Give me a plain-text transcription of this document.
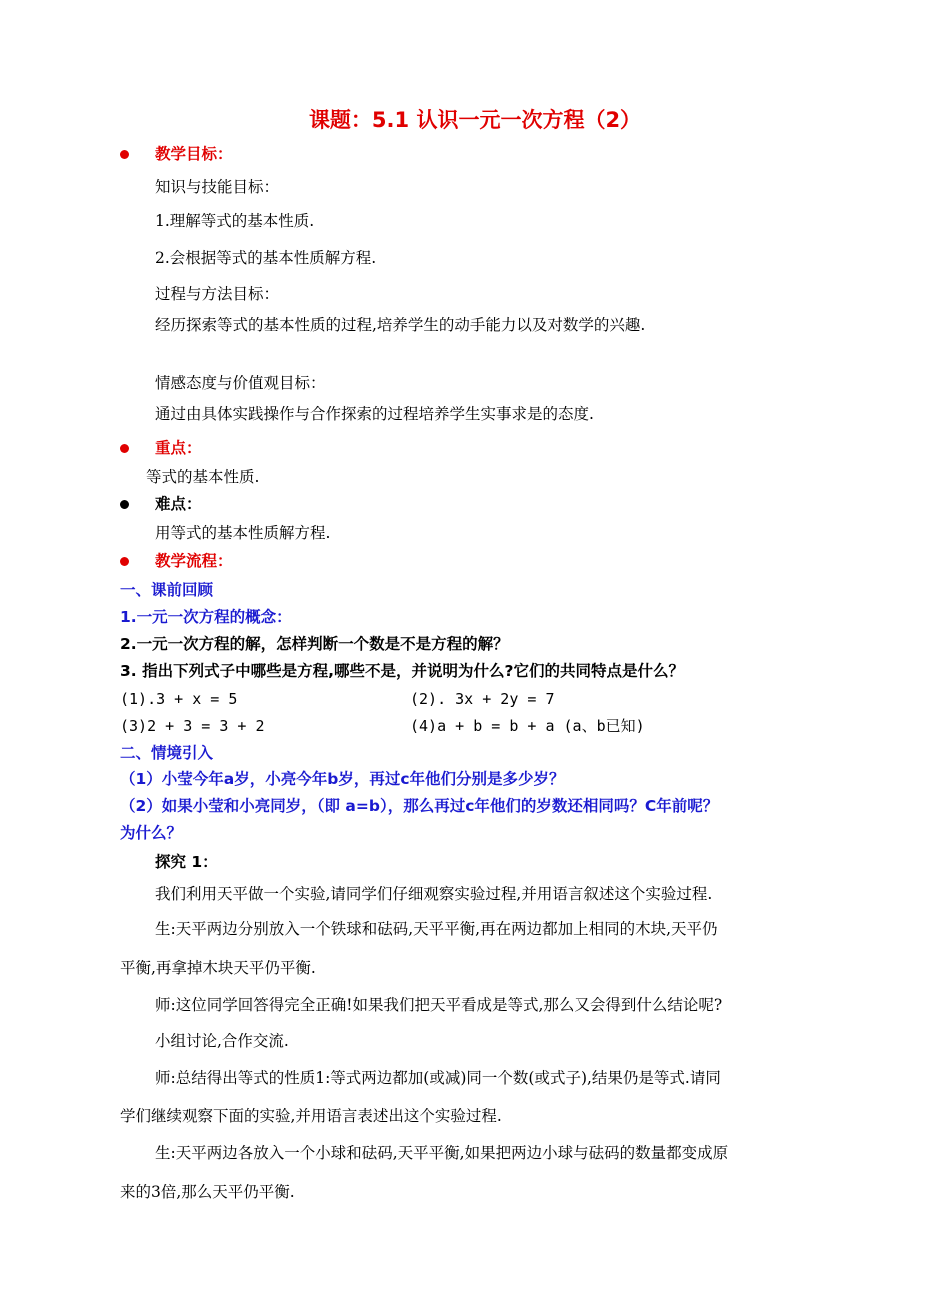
课题：5.1 认识一元一次方程（2）
教学目标：
知识与技能目标：
1.理解等式的基本性质.
2.会根据等式的基本性质解方程.
过程与方法目标：
经历探索等式的基本性质的过程,培养学生的动手能力以及对数学的兴趣.
情感态度与价值观目标：
通过由具体实践操作与合作探索的过程培养学生实事求是的态度.
重点：
等式的基本性质.
难点：
用等式的基本性质解方程.
教学流程：
一、课前回顾
1.一元一次方程的概念：
2.一元一次方程的解，怎样判断一个数是不是方程的解？
3. 指出下列式子中哪些是方程,哪些不是，并说明为什么?它们的共同特点是什么？
(1).3 + x = 5	(2). 3x + 2y = 7
(3)2 + 3 = 3 + 2	(4)a + b = b + a (a、b已知)
二、情境引入
（1）小莹今年a岁，小亮今年b岁，再过c年他们分别是多少岁？
（2）如果小莹和小亮同岁，（即 a=b），那么再过c年他们的岁数还相同吗？C年前呢？
为什么？
探究 1：
我们利用天平做一个实验,请同学们仔细观察实验过程,并用语言叙述这个实验过程.
生:天平两边分别放入一个铁球和砝码,天平平衡,再在两边都加上相同的木块,天平仍
平衡,再拿掉木块天平仍平衡.
师:这位同学回答得完全正确!如果我们把天平看成是等式,那么又会得到什么结论呢?
小组讨论,合作交流.
师:总结得出等式的性质1:等式两边都加(或减)同一个数(或式子),结果仍是等式.请同
学们继续观察下面的实验,并用语言表述出这个实验过程.
生:天平两边各放入一个小球和砝码,天平平衡,如果把两边小球与砝码的数量都变成原
来的3倍,那么天平仍平衡.
